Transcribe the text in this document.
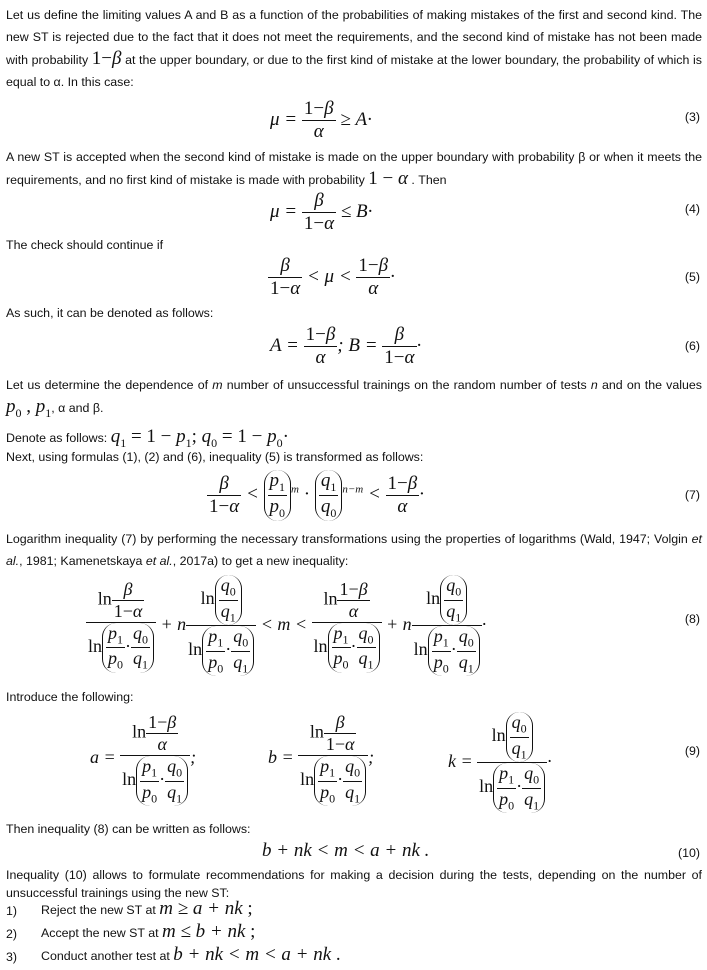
Let us define the limiting values A and B as a function of the probabilities of making mistakes of the first and second kind. The new ST is rejected due to the fact that it does not meet the requirements, and the second kind of mistake has not been made with probability 1−β at the upper boundary, or due to the first kind of mistake at the lower boundary, the probability of which is equal to α. In this case:
$\mu = \frac{1-\beta}{\alpha} \ge A\cdot$	(3)
A new ST is accepted when the second kind of mistake is made on the upper boundary with probability β or when it meets the requirements, and no first kind of mistake is made with probability 1 − α . Then
$\mu = \frac{\beta}{1-\alpha} \le B\cdot$	(4)
The check should continue if
$\frac{\beta}{1-\alpha} < \mu < \frac{1-\beta}{\alpha}$ ·	(5)
As such, it can be denoted as follows:
$A = \frac{1-\beta}{\alpha}$ ; $B = \frac{\beta}{1-\alpha}$ ·	(6)
Let us determine the dependence of m number of unsuccessful trainings on the random number of tests n and on the values $p_0$ , $p_1$, α and β.
Denote as follows: $q_1 = 1 - p_1$; $q_0 = 1 - p_0\cdot$
Next, using formulas (1), (2) and (6), inequality (5) is transformed as follows:
$\frac{\beta}{1-\alpha} < \frac{p_1}{p_0} ^m \cdot \frac{q_1}{q_0} ^{n-m} < \frac{1-\beta}{\alpha}$ ·	(7)
Logarithm inequality (7) by performing the necessary transformations using the properties of logarithms (Wald, 1947; Volgin et al., 1981; Kamenetskaya et al., 2017a) to get a new inequality:
$\frac{\ln \frac{\beta}{1-\alpha}}{\ln \frac{p_1}{p_0} \cdot \frac{q_0}{q_1}} + n \frac{\ln \frac{q_0}{q_1}}{\ln \frac{p_1}{p_0} \cdot \frac{q_0}{q_1}} < m < \frac{\ln \frac{1-\beta}{\alpha}}{\ln \frac{p_1}{p_0} \cdot \frac{q_0}{q_1}} + n \frac{\ln \frac{q_0}{q_1}}{\ln \frac{p_1}{p_0} \cdot \frac{q_0}{q_1}}$ ·	(8)
Introduce the following:
$a = \frac{\ln \frac{1-\beta}{\alpha}}{\ln \frac{p_1}{p_0} \cdot \frac{q_0}{q_1}}$ ;	$b = \frac{\ln \frac{\beta}{1-\alpha}}{\ln \frac{p_1}{p_0} \cdot \frac{q_0}{q_1}}$ ;	$k = \frac{\ln \frac{q_0}{q_1}}{\ln \frac{p_1}{p_0} \cdot \frac{q_0}{q_1}}$ ·	(9)
Then inequality (8) can be written as follows:
b + nk < m < a + nk .	(10)
Inequality (10) allows to formulate recommendations for making a decision during the tests, depending on the number of unsuccessful trainings using the new ST:
1) Reject the new ST at m ≥ a + nk ;
2) Accept the new ST at m ≤ b + nk ;
3) Conduct another test at b + nk < m < a + nk .
